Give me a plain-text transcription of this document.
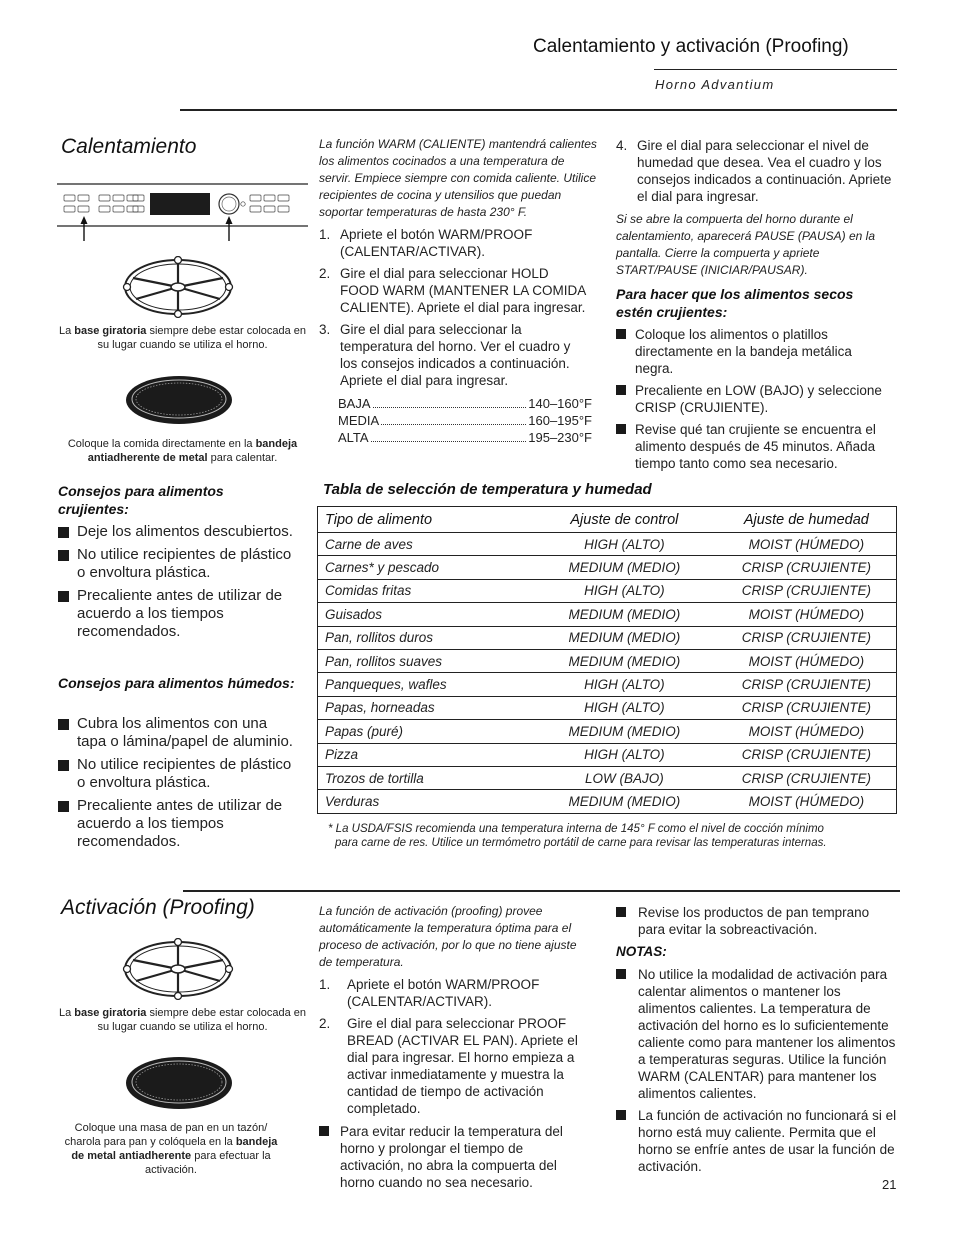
Calentamiento y activación (Proofing)
Horno Advantium
Calentamiento
La base giratoria siempre debe estar colocada en su lugar cuando se utiliza el horno.
Coloque la comida directamente en la bandeja antiadherente de metal para calentar.
Consejos para alimentos crujientes:
Deje los alimentos descubiertos.
No utilice recipientes de plástico o envoltura plástica.
Precaliente antes de utilizar de acuerdo a los tiempos recomendados.
Consejos para alimentos húmedos:
Cubra los alimentos con una tapa o lámina/papel de aluminio.
No utilice recipientes de plástico o envoltura plástica.
Precaliente antes de utilizar de acuerdo a los tiempos recomendados.
La función WARM (CALIENTE) mantendrá calientes los alimentos cocinados a una temperatura de servir. Empiece siempre con comida caliente. Utilice recipientes de cocina y utensilios que puedan soportar temperaturas de hasta 230° F.
1. Apriete el botón WARM/PROOF (CALENTAR/ACTIVAR).
2. Gire el dial para seleccionar HOLD FOOD WARM (MANTENER LA COMIDA CALIENTE). Apriete el dial para ingresar.
3. Gire el dial para seleccionar la temperatura del horno. Ver el cuadro y los consejos indicados a continuación. Apriete el dial para ingresar.
BAJA	140–160°F
MEDIA	160–195°F
ALTA	195–230°F
4. Gire el dial para seleccionar el nivel de humedad que desea. Vea el cuadro y los consejos indicados a continuación. Apriete el dial para ingresar.
Si se abre la compuerta del horno durante el calentamiento, aparecerá PAUSE (PAUSA) en la pantalla. Cierre la compuerta y apriete START/PAUSE (INICIAR/PAUSAR).
Para hacer que los alimentos secos estén crujientes:
Coloque los alimentos o platillos directamente en la bandeja metálica negra.
Precaliente en LOW (BAJO) y seleccione CRISP (CRUJIENTE).
Revise qué tan crujiente se encuentra el alimento después de 45 minutos. Añada tiempo tanto como sea necesario.
Tabla de selección de temperatura y humedad
Tipo de alimento	Ajuste de control	Ajuste de humedad
Carne de aves	HIGH (ALTO)	MOIST (HÚMEDO)
Carnes* y pescado	MEDIUM (MEDIO)	CRISP (CRUJIENTE)
Comidas fritas	HIGH (ALTO)	CRISP (CRUJIENTE)
Guisados	MEDIUM (MEDIO)	MOIST (HÚMEDO)
Pan, rollitos duros	MEDIUM (MEDIO)	CRISP (CRUJIENTE)
Pan, rollitos suaves	MEDIUM (MEDIO)	MOIST (HÚMEDO)
Panqueques, wafles	HIGH (ALTO)	CRISP (CRUJIENTE)
Papas, horneadas	HIGH (ALTO)	CRISP (CRUJIENTE)
Papas (puré)	MEDIUM (MEDIO)	MOIST (HÚMEDO)
Pizza	HIGH (ALTO)	CRISP (CRUJIENTE)
Trozos de tortilla	LOW (BAJO)	CRISP (CRUJIENTE)
Verduras	MEDIUM (MEDIO)	MOIST (HÚMEDO)
* La USDA/FSIS recomienda una temperatura interna de 145° F como el nivel de cocción mínimo
para carne de res. Utilice un termómetro portátil de carne para revisar las temperaturas internas.
Activación (Proofing)
La base giratoria siempre debe estar colocada en su lugar cuando se utiliza el horno.
Coloque una masa de pan en un tazón/ charola para pan y colóquela en la bandeja de metal antiadherente para efectuar la activación.
La función de activación (proofing) provee automáticamente la temperatura óptima para el proceso de activación, por lo que no tiene ajuste de temperatura.
1. Apriete el botón WARM/PROOF (CALENTAR/ACTIVAR).
2. Gire el dial para seleccionar PROOF BREAD (ACTIVAR EL PAN). Apriete el dial para ingresar. El horno empieza a activar inmediatamente y muestra la cantidad de tiempo de activación completado.
Para evitar reducir la temperatura del horno y prolongar el tiempo de activación, no abra la compuerta del horno cuando no sea necesario.
Revise los productos de pan temprano para evitar la sobreactivación.
NOTAS:
No utilice la modalidad de activación para calentar alimentos o mantener los alimentos calientes. La temperatura de activación del horno es lo suficientemente caliente como para mantener los alimentos a temperaturas seguras. Utilice la función WARM (CALENTAR) para mantener los alimentos calientes.
La función de activación no funcionará si el horno está muy caliente. Permita que el horno se enfríe antes de usar la función de activación.
21
